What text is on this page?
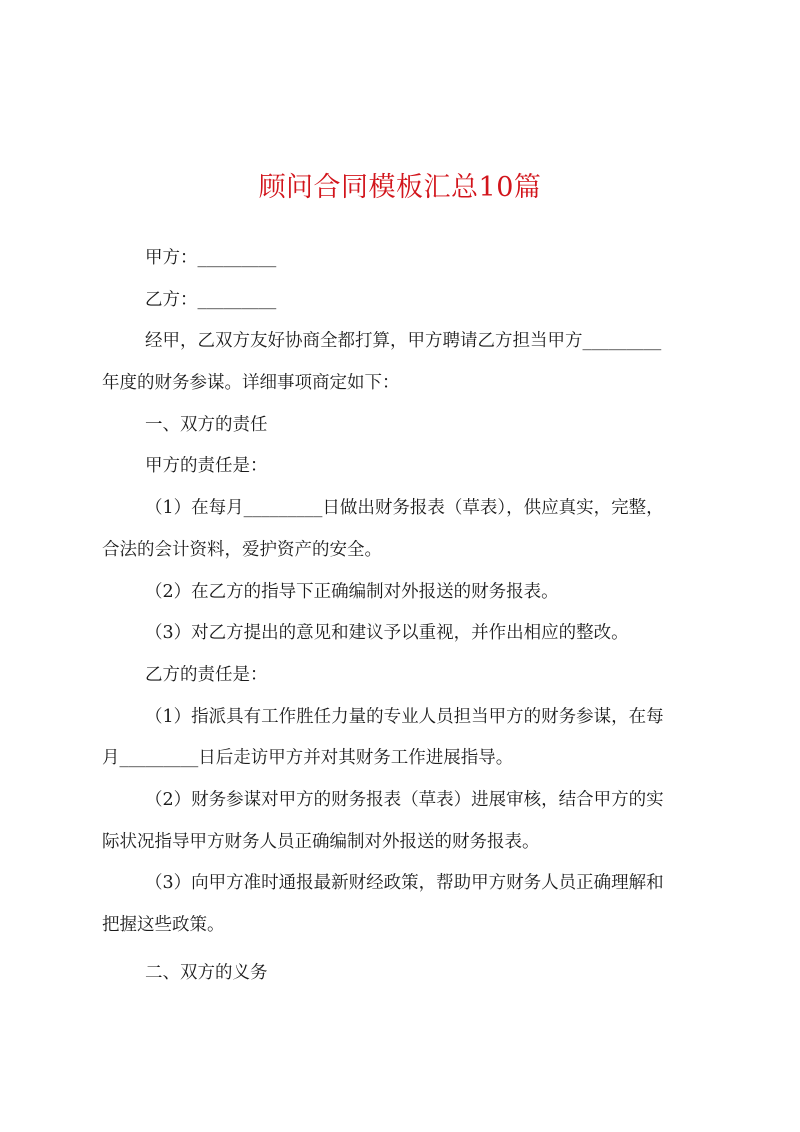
顾问合同模板汇总10篇
甲方：_________
乙方：_________
经甲，乙双方友好协商全都打算，甲方聘请乙方担当甲方_________
年度的财务参谋。详细事项商定如下：
一、双方的责任
甲方的责任是：
（1）在每月_________日做出财务报表（草表），供应真实，完整，
合法的会计资料，爱护资产的安全。
（2）在乙方的指导下正确编制对外报送的财务报表。
（3）对乙方提出的意见和建议予以重视，并作出相应的整改。
乙方的责任是：
（1）指派具有工作胜任力量的专业人员担当甲方的财务参谋，在每
月_________日后走访甲方并对其财务工作进展指导。
（2）财务参谋对甲方的财务报表（草表）进展审核，结合甲方的实
际状况指导甲方财务人员正确编制对外报送的财务报表。
（3）向甲方准时通报最新财经政策，帮助甲方财务人员正确理解和
把握这些政策。
二、双方的义务
